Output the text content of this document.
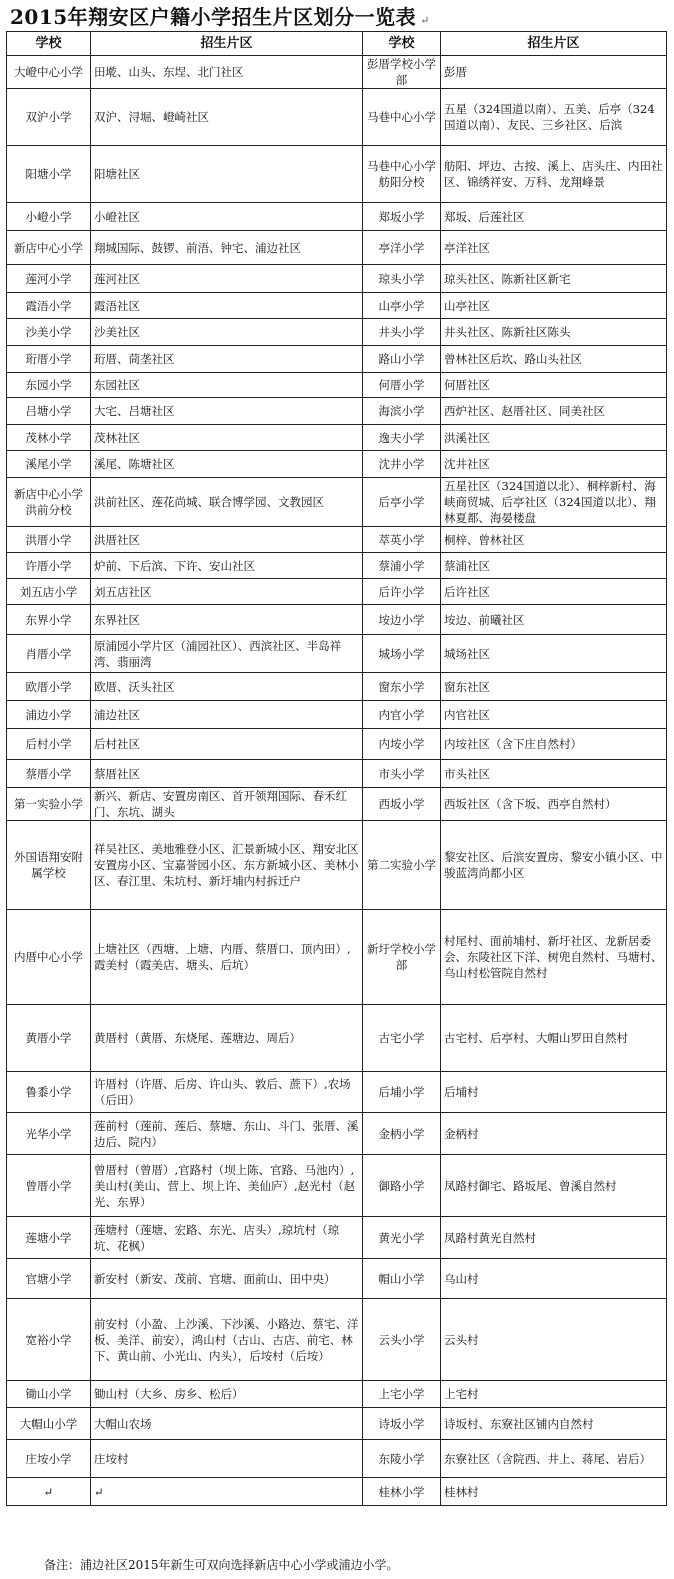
2015年翔安区户籍小学招生片区划分一览表 ↵
学校	招生片区	学校	招生片区
大嶝中心小学	田墘、山头、东埕、北门社区	彭厝学校小学部	彭厝
双沪小学	双沪、浔堀、嶝崎社区	马巷中心小学	五星（324国道以南）、五美、后亭（324国道以南）、友民、三乡社区、后滨
阳塘小学	阳塘社区	马巷中心小学舫阳分校	舫阳、坪边、古按、溪上、店头庄、内田社区、锦绣祥安、万科、龙翔峰景
小嶝小学	小嶝社区	郑坂小学	郑坂、后莲社区
新店中心小学	翔城国际、鼓锣、前浯、钟宅、浦边社区	亭洋小学	亭洋社区
莲河小学	莲河社区	琼头小学	琼头社区、陈新社区新宅
霞浯小学	霞浯社区	山亭小学	山亭社区
沙美小学	沙美社区	井头小学	井头社区、陈新社区陈头
珩厝小学	珩厝、茼垄社区	路山小学	曾林社区后坎、路山头社区
东园小学	东园社区	何厝小学	何厝社区
吕塘小学	大宅、吕塘社区	海滨小学	西炉社区、赵厝社区、同美社区
茂林小学	茂林社区	逸夫小学	洪溪社区
溪尾小学	溪尾、陈塘社区	沈井小学	沈井社区
新店中心小学洪前分校	洪前社区、莲花尚城、联合博学园、文教园区	后亭小学	五星社区（324国道以北）、桐梓新村、海峡商贸城、后亭社区（324国道以北）、翔林夏都、海晏楼盘
洪厝小学	洪厝社区	萃英小学	桐梓、曾林社区
许厝小学	炉前、下后滨、下许、安山社区	蔡浦小学	蔡浦社区
刘五店小学	刘五店社区	后许小学	后许社区
东界小学	东界社区	垵边小学	垵边、前曦社区
肖厝小学	原浦园小学片区（浦园社区）、西滨社区、半岛祥湾、翡丽湾	城场小学	城场社区
欧厝小学	欧厝、沃头社区	窗东小学	窗东社区
浦边小学	浦边社区	内官小学	内官社区
后村小学	后村社区	内垵小学	内垵社区（含下庄自然村）
蔡厝小学	蔡厝社区	市头小学	市头社区
第一实验小学	新兴、新店、安置房南区、首开领翔国际、春禾红门、东坑、湖头	西坂小学	西坂社区（含下坂、西亭自然村）
外国语翔安附属学校	祥吴社区、美地雅登小区、汇景新城小区、翔安北区安置房小区、宝嘉誉园小区、东方新城小区、美林小区、春江里、朱坑村、新圩埔内村拆迁户	第二实验小学	黎安社区、后滨安置房、黎安小镇小区、中骏蓝湾尚都小区
内厝中心小学	上塘社区（西塘、上塘、内厝、蔡厝口、顶内田）,霞美村（霞美店、塘头、后坑）	新圩学校小学部	村尾村、面前埔村、新圩社区、龙新居委会、东陵社区下洋、树兜自然村、马塘村、乌山村松管院自然村
黄厝小学	黄厝村（黄厝、东烧尾、莲塘边、周后）	古宅小学	古宅村、后亭村、大帽山罗田自然村
鲁黍小学	许厝村（许厝、后房、许山头、敦后、蔗下）,农场（后田）	后埔小学	后埔村
光华小学	莲前村（莲前、莲后、蔡塘、东山、斗门、张厝、溪边后、院内）	金柄小学	金柄村
曾厝小学	曾厝村（曾厝）,官路村（坝上陈、官路、马池内）,美山村(美山、营上、坝上许、美仙庐）,赵光村（赵光、东界）	御路小学	凤路村御宅、路坂尾、曾溪自然村
莲塘小学	莲塘村（莲塘、宏路、东光、店头）,琼坑村（琼坑、花枫）	黄光小学	凤路村黄光自然村
官塘小学	新安村（新安、茂前、官塘、面前山、田中央）	帽山小学	乌山村
宽裕小学	前安村（小盈、上沙溪、下沙溪、小路边、蔡宅、洋板、美洋、前安），鸿山村（古山、古店、前宅、林下、黄山前、小光山、内头），后垵村（后垵）	云头小学	云头村
锄山小学	锄山村（大乡、房乡、松后）	上宅小学	上宅村
大帽山小学	大帽山农场	诗坂小学	诗坂村、东寮社区铺内自然村
庄垵小学	庄垵村	东陵小学	东寮社区（含院西、井上、蒋尾、岩后）
↵	↵	桂林小学	桂林村
备注：浦边社区2015年新生可双向选择新店中心小学或浦边小学。
